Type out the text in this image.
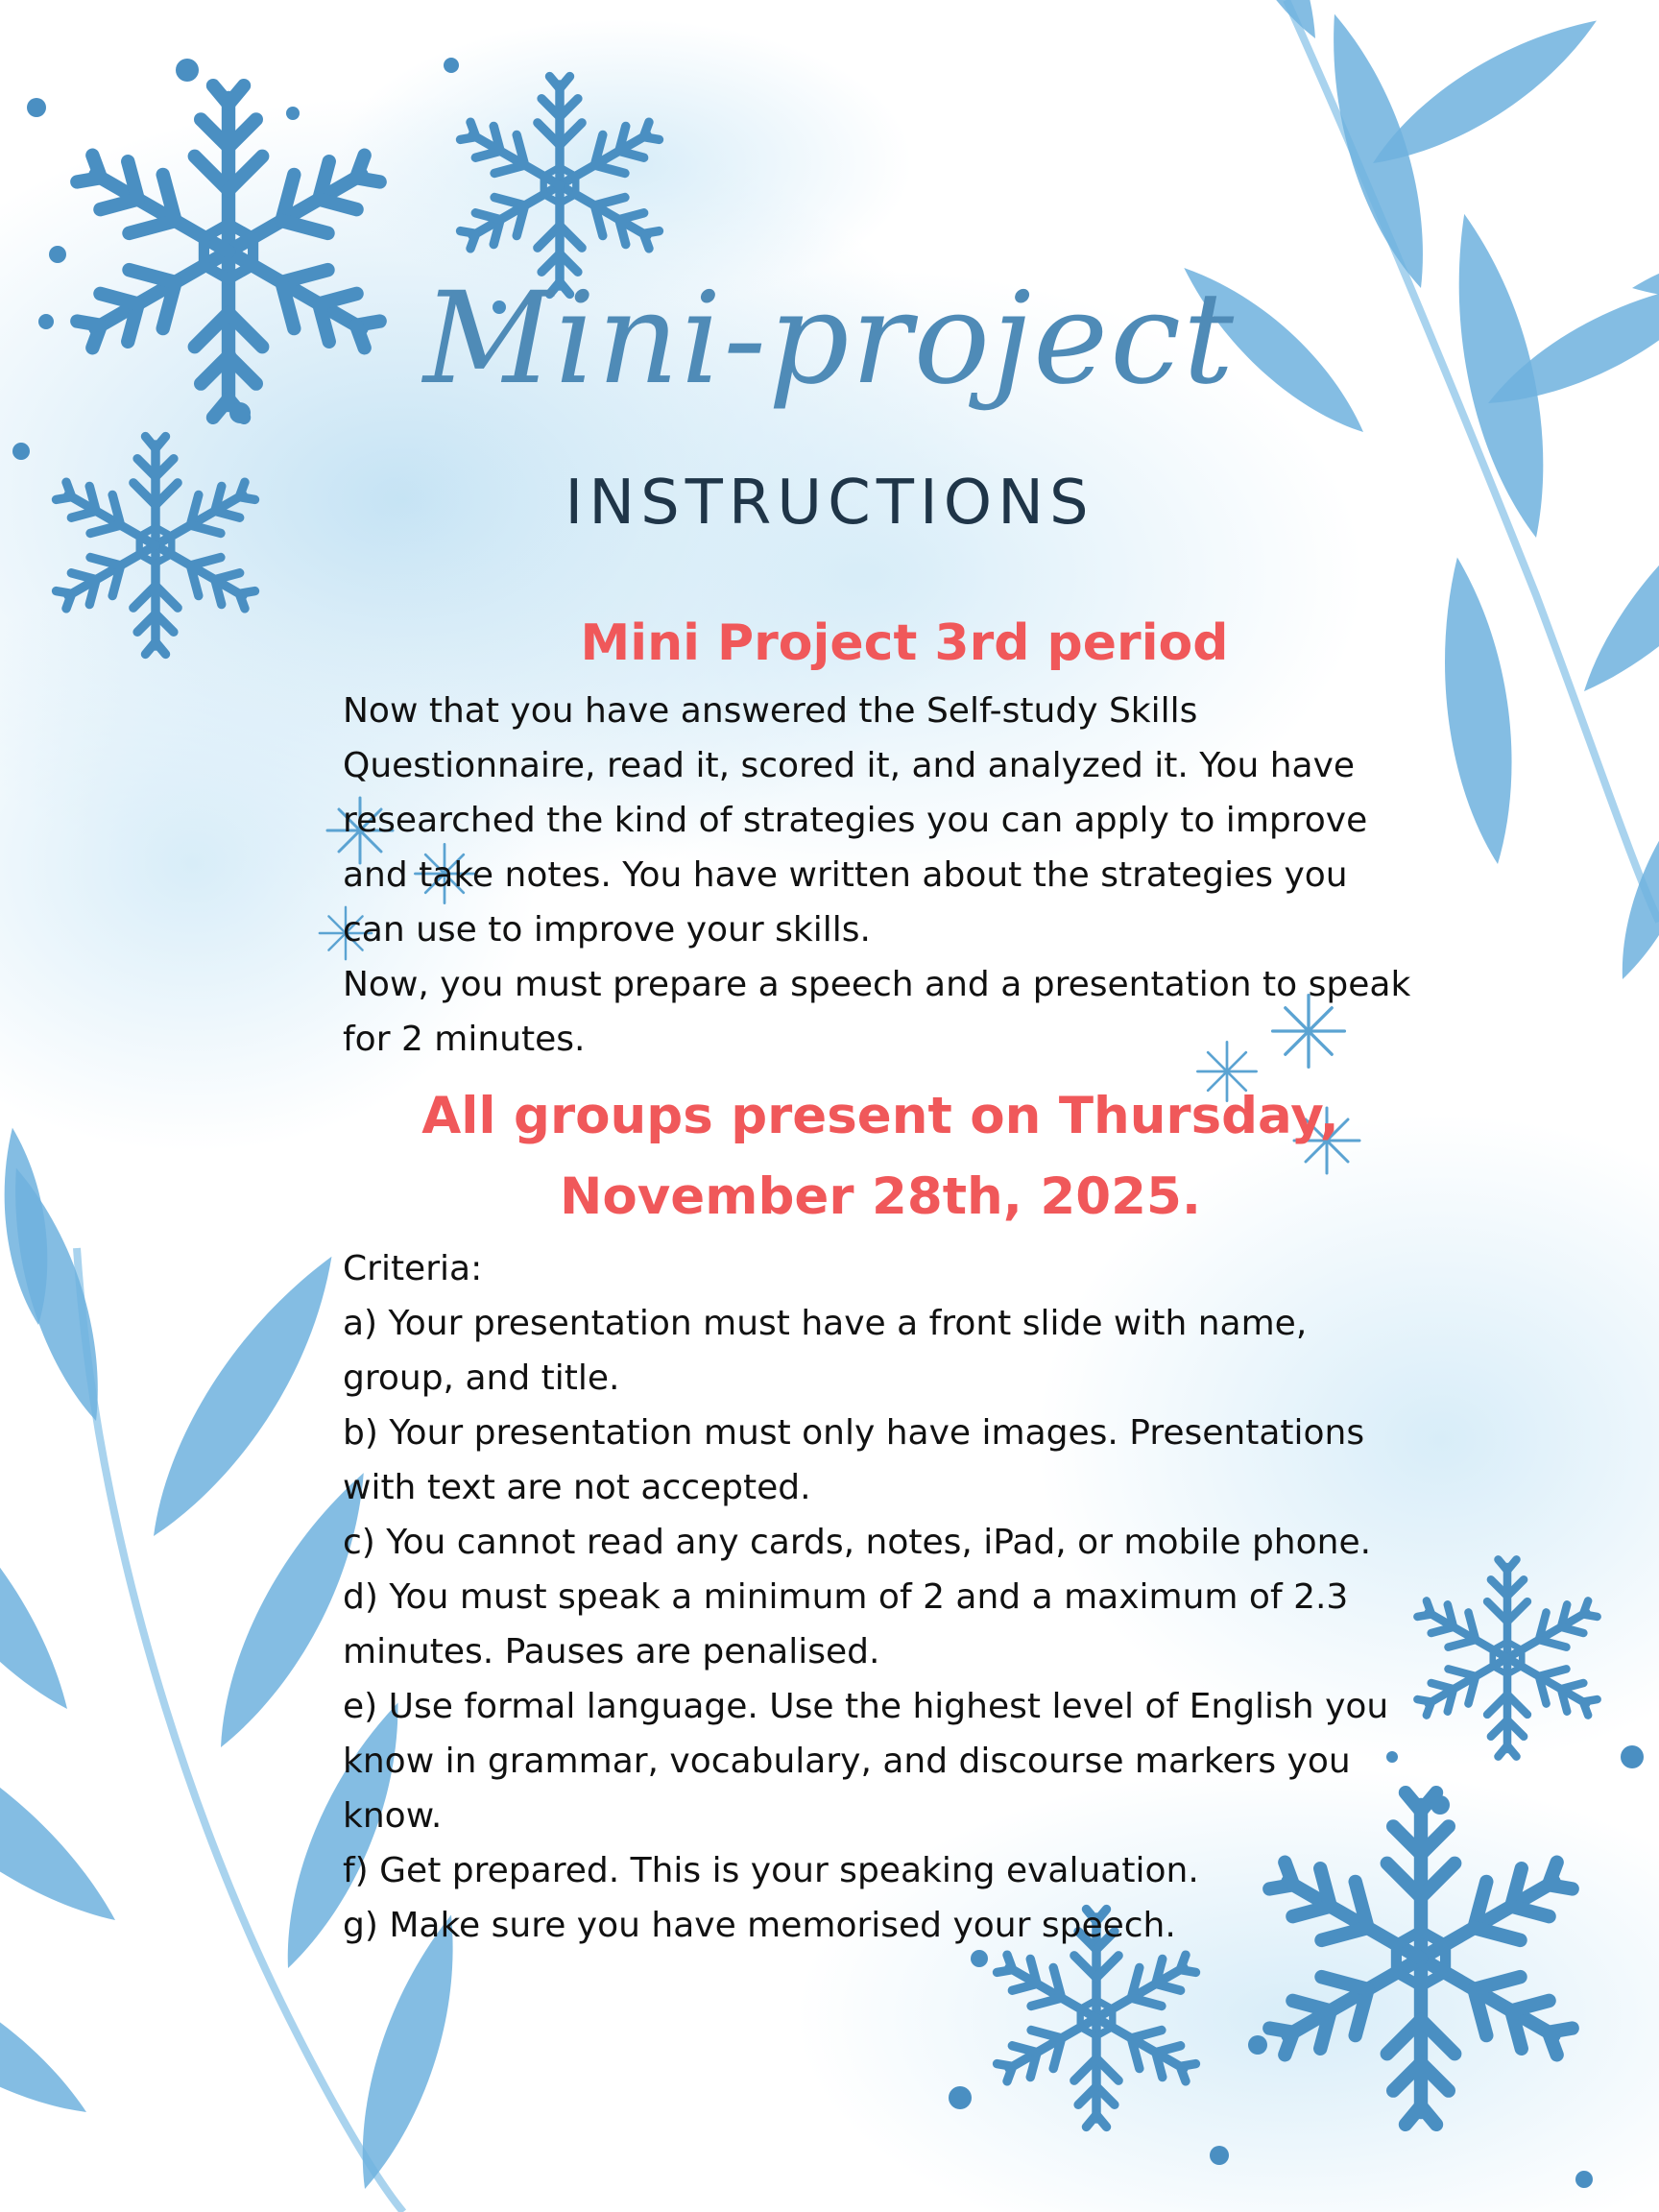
Mini-project
INSTRUCTIONS
Mini Project 3rd period

Now that you have answered the Self-study Skills Questionnaire, read it, scored it, and analyzed it. You have researched the kind of strategies you can apply to improve and take notes. You have written about the strategies you can use to improve your skills.

Now, you must prepare a speech and a presentation to speak for 2 minutes.

All groups present on Thursday, November 28th, 2025.

Criteria:

a) Your presentation must have a front slide with name, group, and title.

b) Your presentation must only have images. Presentations with text are not accepted.

c) You cannot read any cards, notes, iPad, or mobile phone.

d) You must speak a minimum of 2 and a maximum of 2.3 minutes. Pauses are penalised.

e) Use formal language. Use the highest level of English you know in grammar, vocabulary, and discourse markers you know.

f) Get prepared. This is your speaking evaluation.

g) Make sure you have memorised your speech.
